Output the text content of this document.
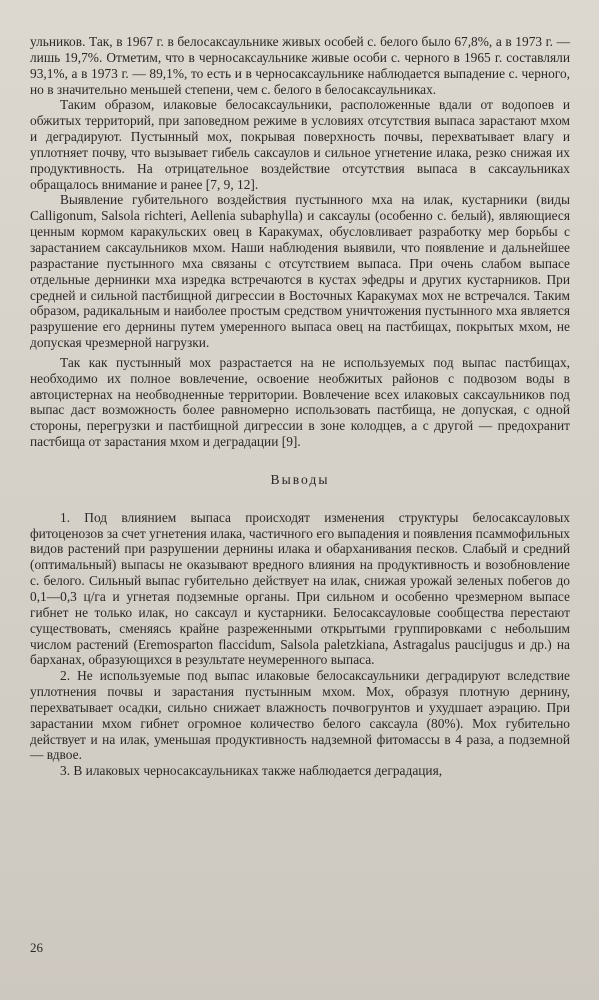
ульников. Так, в 1967 г. в белосаксаульнике живых особей с. белого было 67,8%, а в 1973 г. — лишь 19,7%. Отметим, что в черносаксаульнике живые особи с. черного в 1965 г. составляли 93,1%, а в 1973 г. — 89,1%, то есть и в черносаксаульнике наблюдается выпадение с. черного, но в значительно меньшей степени, чем с. белого в белосаксаульниках.

Таким образом, илаковые белосаксаульники, расположенные вдали от водопоев и обжитых территорий, при заповедном режиме в условиях отсутствия выпаса зарастают мхом и деградируют. Пустынный мох, покрывая поверхность почвы, перехватывает влагу и уплотняет почву, что вызывает гибель саксаулов и сильное угнетение илака, резко снижая их продуктивность. На отрицательное воздействие отсутствия выпаса в саксаульниках обращалось внимание и ранее [7, 9, 12].

Выявление губительного воздействия пустынного мха на илак, кустарники (виды Calligonum, Salsola richteri, Aellenia subaphylla) и саксаулы (особенно с. белый), являющиеся ценным кормом каракульских овец в Каракумах, обусловливает разработку мер борьбы с зарастанием саксаульников мхом. Наши наблюдения выявили, что появление и дальнейшее разрастание пустынного мха связаны с отсутствием выпаса. При очень слабом выпасе отдельные дернинки мха изредка встречаются в кустах эфедры и других кустарников. При средней и сильной пастбищной дигрессии в Восточных Каракумах мох не встречался. Таким образом, радикальным и наиболее простым средством уничтожения пустынного мха является разрушение его дернины путем умеренного выпаса овец на пастбищах, покрытых мхом, не допуская чрезмерной нагрузки.

Так как пустынный мох разрастается на не используемых под выпас пастбищах, необходимо их полное вовлечение, освоение необжитых районов с подвозом воды в автоцистернах на необводненные территории. Вовлечение всех илаковых саксаульников под выпас даст возможность более равномерно использовать пастбища, не допуская, с одной стороны, перегрузки и пастбищной дигрессии в зоне колодцев, а с другой — предохранит пастбища от зарастания мхом и деградации [9].

Выводы

1. Под влиянием выпаса происходят изменения структуры белосаксауловых фитоценозов за счет угнетения илака, частичного его выпадения и появления псаммофильных видов растений при разрушении дернины илака и обарханивания песков. Слабый и средний (оптимальный) выпасы не оказывают вредного влияния на продуктивность и возобновление с. белого. Сильный выпас губительно действует на илак, снижая урожай зеленых побегов до 0,1—0,3 ц/га и угнетая подземные органы. При сильном и особенно чрезмерном выпасе гибнет не только илак, но саксаул и кустарники. Белосаксауловые сообщества перестают существовать, сменяясь крайне разреженными открытыми группировками с небольшим числом растений (Eremosparton flaccidum, Salsola paletzkiana, Astragalus paucijugus и др.) на барханах, образующихся в результате неумеренного выпаса.

2. Не используемые под выпас илаковые белосаксаульники деградируют вследствие уплотнения почвы и зарастания пустынным мхом. Мох, образуя плотную дернину, перехватывает осадки, сильно снижает влажность почвогрунтов и ухудшает аэрацию. При зарастании мхом гибнет огромное количество белого саксаула (80%). Мох губительно действует и на илак, уменьшая продуктивность надземной фитомассы в 4 раза, а подземной — вдвое.

3. В илаковых черносаксаульниках также наблюдается деградация,

26
